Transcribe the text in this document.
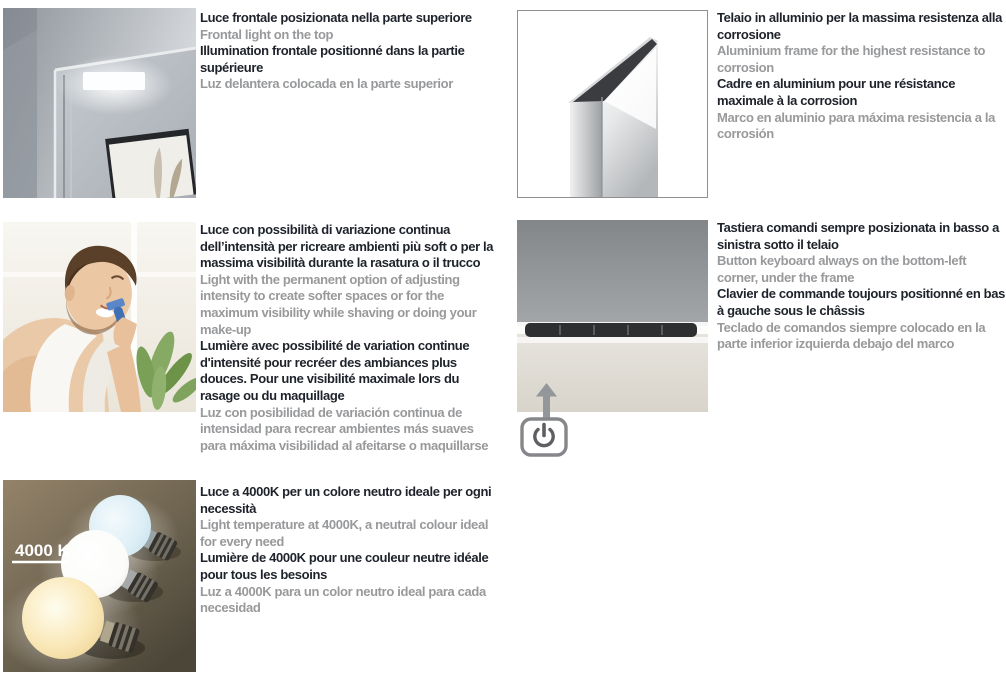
Luce frontale posizionata nella parte superiore

Frontal light on the top

Illumination frontale positionné dans la partie supérieure

Luz delantera colocada en la parte superior

Telaio in alluminio per la massima resistenza alla corrosione

Aluminium frame for the highest resistance to corrosion

Cadre en aluminium pour une résistance maximale à la corrosion

Marco en aluminio para máxima resistencia a la corrosión

Luce con possibilità di variazione continua dell’intensità per ricreare ambienti più soft o per la massima visibilità durante la rasatura o il trucco

Light with the permanent option of adjusting intensity to create softer spaces or for the maximum visibility while shaving or doing your make-up

Lumière avec possibilité de variation continue d'intensité pour recréer des ambiances plus douces. Pour une visibilité maximale lors du rasage ou du maquillage

Luz con posibilidad de variación continua de intensidad para recrear ambientes más suaves para máxima visibilidad al afeitarse o maquillarse

Tastiera comandi sempre posizionata in basso a sinistra sotto il telaio

Button keyboard always on the bottom-left corner, under the frame

Clavier de commande toujours positionné en bas à gauche sous le châssis

Teclado de comandos siempre colocado en la parte inferior izquierda debajo del marco

4000 K

Luce a 4000K per un colore neutro ideale per ogni necessità

Light temperature at 4000K, a neutral colour ideal for every need

Lumière de 4000K pour une couleur neutre idéale pour tous les besoins

Luz a 4000K para un color neutro ideal para cada necesidad
